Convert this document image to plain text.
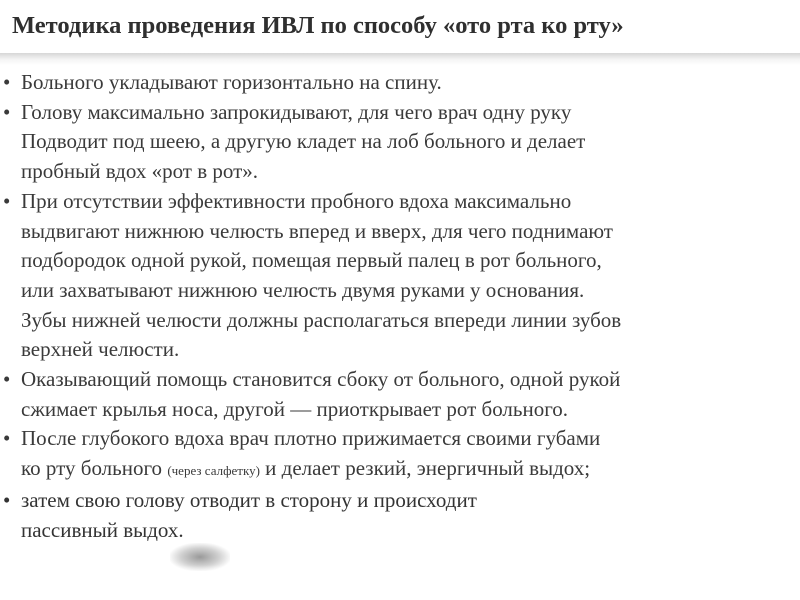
Методика проведения ИВЛ по способу «ото рта ко рту»
• Больного укладывают горизонтально на спину.
• Голову максимально запрокидывают, для чего врач одну руку
Подводит под шеею, а другую кладет на лоб больного и делает
пробный вдох «рот в рот».
• При отсутствии эффективности пробного вдоха максимально
выдвигают нижнюю челюсть вперед и вверх, для чего поднимают
подбородок одной рукой, помещая первый палец в рот больного,
или захватывают нижнюю челюсть двумя руками у основания.
Зубы нижней челюсти должны располагаться впереди линии зубов
верхней челюсти.
• Оказывающий помощь становится сбоку от больного, одной рукой
сжимает крылья носа, другой — приоткрывает рот больного.
• После глубокого вдоха врач плотно прижимается своими губами
ко рту больного (через салфетку) и делает резкий, энергичный выдох;
• затем свою голову отводит в сторону и происходит
пассивный выдох.
